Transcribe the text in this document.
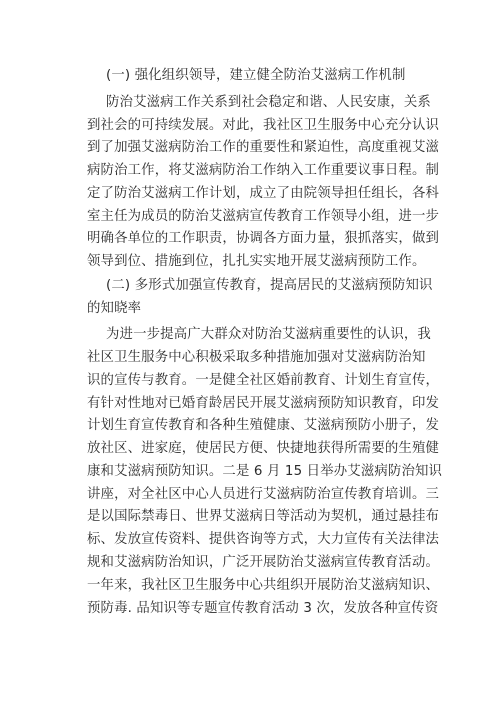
(一) 强化组织领导，建立健全防治艾滋病工作机制
防治艾滋病工作关系到社会稳定和谐、人民安康，关系
到社会的可持续发展。对此，我社区卫生服务中心充分认识
到了加强艾滋病防治工作的重要性和紧迫性，高度重视艾滋
病防治工作，将艾滋病防治工作纳入工作重要议事日程。制
定了防治艾滋病工作计划，成立了由院领导担任组长，各科
室主任为成员的防治艾滋病宣传教育工作领导小组，进一步
明确各单位的工作职责，协调各方面力量，狠抓落实，做到
领导到位、措施到位，扎扎实实地开展艾滋病预防工作。
(二) 多形式加强宣传教育，提高居民的艾滋病预防知识
的知晓率
为进一步提高广大群众对防治艾滋病重要性的认识，我
社区卫生服务中心积极采取多种措施加强对艾滋病防治知
识的宣传与教育。一是健全社区婚前教育、计划生育宣传，
有针对性地对已婚育龄居民开展艾滋病预防知识教育，印发
计划生育宣传教育和各种生殖健康、艾滋病预防小册子，发
放社区、进家庭，使居民方便、快捷地获得所需要的生殖健
康和艾滋病预防知识。二是 6 月 15 日举办艾滋病防治知识
讲座，对全社区中心人员进行艾滋病防治宣传教育培训。三
是以国际禁毒日、世界艾滋病日等活动为契机，通过悬挂布
标、发放宣传资料、提供咨询等方式，大力宣传有关法律法
规和艾滋病防治知识，广泛开展防治艾滋病宣传教育活动。
一年来，我社区卫生服务中心共组织开展防治艾滋病知识、
预防毒. 品知识等专题宣传教育活动 3 次，发放各种宣传资
